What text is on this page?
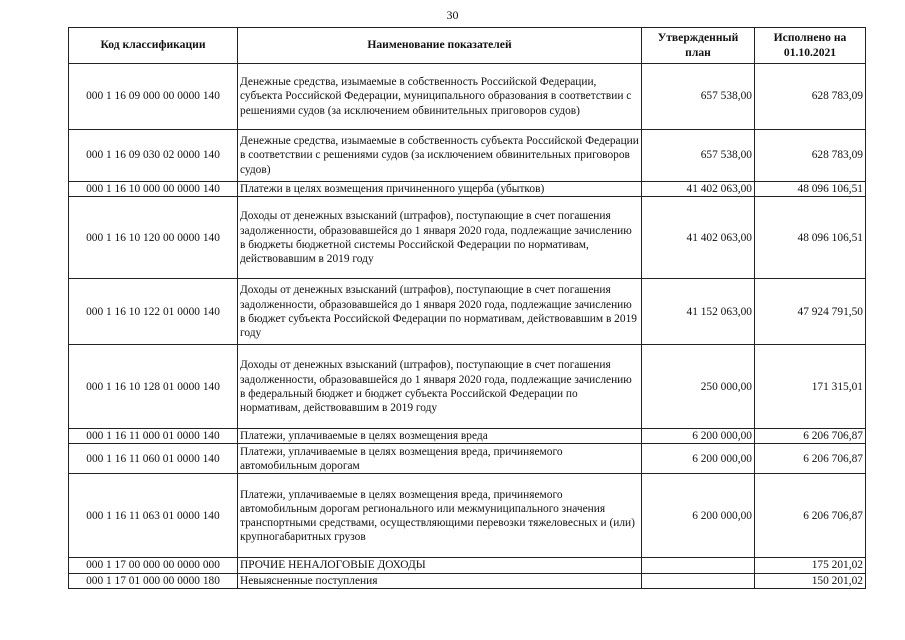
30
Код классификации	Наименование показателей	Утвержденный план	Исполнено на 01.10.2021
000 1 16 09 000 00 0000 140	Денежные средства, изымаемые в собственность Российской Федерации, субъекта Российской Федерации, муниципального образования в соответствии с решениями судов (за исключением обвинительных приговоров судов)	657 538,00	628 783,09
000 1 16 09 030 02 0000 140	Денежные средства, изымаемые в собственность субъекта Российской Федерации в соответствии с решениями судов (за исключением обвинительных приговоров судов)	657 538,00	628 783,09
000 1 16 10 000 00 0000 140	Платежи в целях возмещения причиненного ущерба (убытков)	41 402 063,00	48 096 106,51
000 1 16 10 120 00 0000 140	Доходы от денежных взысканий (штрафов), поступающие в счет погашения задолженности, образовавшейся до 1 января 2020 года, подлежащие зачислению в бюджеты бюджетной системы Российской Федерации по нормативам, действовавшим в 2019 году	41 402 063,00	48 096 106,51
000 1 16 10 122 01 0000 140	Доходы от денежных взысканий (штрафов), поступающие в счет погашения задолженности, образовавшейся до 1 января 2020 года, подлежащие зачислению в бюджет субъекта Российской Федерации по нормативам, действовавшим в 2019 году	41 152 063,00	47 924 791,50
000 1 16 10 128 01 0000 140	Доходы от денежных взысканий (штрафов), поступающие в счет погашения задолженности, образовавшейся до 1 января 2020 года, подлежащие зачислению в федеральный бюджет и бюджет субъекта Российской Федерации по нормативам, действовавшим в 2019 году	250 000,00	171 315,01
000 1 16 11 000 01 0000 140	Платежи, уплачиваемые в целях возмещения вреда	6 200 000,00	6 206 706,87
000 1 16 11 060 01 0000 140	Платежи, уплачиваемые в целях возмещения вреда, причиняемого автомобильным дорогам	6 200 000,00	6 206 706,87
000 1 16 11 063 01 0000 140	Платежи, уплачиваемые в целях возмещения вреда, причиняемого автомобильным дорогам регионального или межмуниципального значения транспортными средствами, осуществляющими перевозки тяжеловесных и (или) крупногабаритных грузов	6 200 000,00	6 206 706,87
000 1 17 00 000 00 0000 000	ПРОЧИЕ НЕНАЛОГОВЫЕ ДОХОДЫ		175 201,02
000 1 17 01 000 00 0000 180	Невыясненные поступления		150 201,02
